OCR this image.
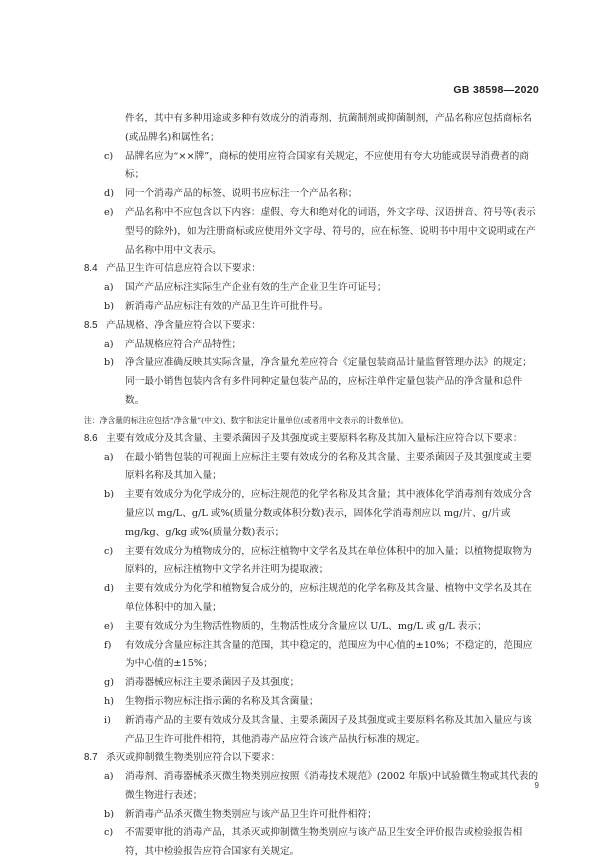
GB 38598—2020
件名，其中有多种用途或多种有效成分的消毒剂、抗菌制剂或抑菌制剂，产品名称应包括商标名(或品牌名)和属性名；
c) 品牌名应为“××牌”，商标的使用应符合国家有关规定，不应使用有夸大功能或误导消费者的商标；
d) 同一个消毒产品的标签、说明书应标注一个产品名称；
e) 产品名称中不应包含以下内容：虚假、夸大和绝对化的词语，外文字母、汉语拼音、符号等(表示型号的除外)，如为注册商标或应使用外文字母、符号的，应在标签、说明书中用中文说明或在产品名称中用中文表示。
8.4 产品卫生许可信息应符合以下要求：
a) 国产产品应标注实际生产企业有效的生产企业卫生许可证号；
b) 新消毒产品应标注有效的产品卫生许可批件号。
8.5 产品规格、净含量应符合以下要求：
a) 产品规格应符合产品特性；
b) 净含量应准确反映其实际含量，净含量允差应符合《定量包装商品计量监督管理办法》的规定；同一最小销售包装内含有多件同种定量包装产品的，应标注单件定量包装产品的净含量和总件数。
注：净含量的标注应包括“净含量”(中文)、数字和法定计量单位(或者用中文表示的计数单位)。
8.6 主要有效成分及其含量、主要杀菌因子及其强度或主要原料名称及其加入量标注应符合以下要求：
a) 在最小销售包装的可视面上应标注主要有效成分的名称及其含量、主要杀菌因子及其强度或主要原料名称及其加入量；
b) 主要有效成分为化学成分的，应标注规范的化学名称及其含量；其中液体化学消毒剂有效成分含量应以 mg/L、g/L 或%(质量分数或体积分数)表示，固体化学消毒剂应以 mg/片、g/片或 mg/kg、g/kg 或%(质量分数)表示；
c) 主要有效成分为植物成分的，应标注植物中文学名及其在单位体积中的加入量；以植物提取物为原料的，应标注植物中文学名并注明为提取液；
d) 主要有效成分为化学和植物复合成分的，应标注规范的化学名称及其含量、植物中文学名及其在单位体积中的加入量；
e) 主要有效成分为生物活性物质的，生物活性成分含量应以 U/L、mg/L 或 g/L 表示；
f) 有效成分含量应标注其含量的范围，其中稳定的，范围应为中心值的±10%；不稳定的，范围应为中心值的±15%；
g) 消毒器械应标注主要杀菌因子及其强度；
h) 生物指示物应标注指示菌的名称及其含菌量；
i) 新消毒产品的主要有效成分及其含量、主要杀菌因子及其强度或主要原料名称及其加入量应与该产品卫生许可批件相符，其他消毒产品应符合该产品执行标准的规定。
8.7 杀灭或抑制微生物类别应符合以下要求：
a) 消毒剂、消毒器械杀灭微生物类别应按照《消毒技术规范》(2002 年版)中试验微生物或其代表的微生物进行表述；
b) 新消毒产品杀灭微生物类别应与该产品卫生许可批件相符；
c) 不需要审批的消毒产品，其杀灭或抑制微生物类别应与该产品卫生安全评价报告或检验报告相符，其中检验报告应符合国家有关规定。
9
